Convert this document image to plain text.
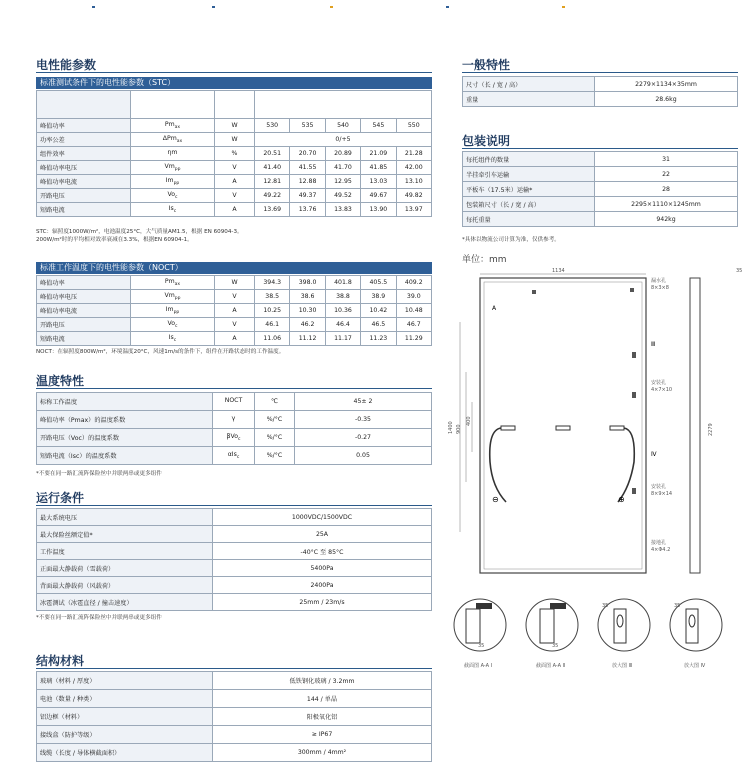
电性能参数
标准测试条件下的电性能参数（STC）

峰值功率	$Pm_{ax}$	W	530	535	540	545	550
功率公差	ΔPm$_{ax}$	W	0/+5				
组件效率	ηm	%	20.51	20.70	20.89	21.09	21.28
峰值功率电压	$Vm_{pp}$	V	41.40	41.55	41.70	41.85	42.00
峰值功率电流	$Im_{pp}$	A	12.81	12.88	12.95	13.03	13.10
开路电压	$Vo_c$	V	49.22	49.37	49.52	49.67	49.82
短路电流	$Is_c$	A	13.69	13.76	13.83	13.90	13.97
STC：辐照度1000W/m²，电池温度25°C，大气质量AM1.5，根据 EN 60904-3。
200W/m²时的平均相对效率衰减在3.3%，根据EN 60904-1。
标准工作温度下的电性能参数（NOCT）
峰值功率	$Pm_{ax}$	W	394.3	398.0	401.8	405.5	409.2
峰值功率电压	$Vm_{pp}$	V	38.5	38.6	38.8	38.9	39.0
峰值功率电流	$Im_{pp}$	A	10.25	10.30	10.36	10.42	10.48
开路电压	$Vo_c$	V	46.1	46.2	46.4	46.5	46.7
短路电流	$Is_c$	A	11.06	11.12	11.17	11.23	11.29
NOCT：在辐照度800W/m²，环境温度20°C，风速1m/s的条件下，组件在开路状态时的工作温度。
温度特性
标称工作温度	NOCT	℃	45± 2
峰值功率（Pmax）的温度系数	γ	%/°C	-0.35
开路电压（Voc）的温度系数	βVo$_c$	%/°C	-0.27
短路电流（Isc）的温度系数	αIs$_c$	%/°C	0.05
*不要在同一路汇流阵保险丝中并联两串或更多组件
运行条件
最大系统电压	1000VDC/1500VDC
最大保险丝额定值*	25A
工作温度	-40°C 至 85°C
正面最大静载荷（雪载荷）	5400Pa
背面最大静载荷（风载荷）	2400Pa
冰雹测试（冰雹直径 / 撞击速度）	25mm / 23m/s
*不要在同一路汇流阵保险丝中并联两串或更多组件
结构材料
玻璃（材料 / 厚度）	低铁钢化玻璃 / 3.2mm
电池（数量 / 种类）	144 / 单晶
铝边框（材料）	阳极氧化铝
接线盒（防护等级）	≥ IP67
线缆（长度 / 导体横截面积）	300mm / 4mm²
一般特性
尺寸（长 / 宽 / 高）	2279×1134×35mm
重量	28.6kg
包装说明
每托组件的数量	31
半挂牵引车运输	22
平板车（17.5米）运输*	28
包装箱尺寸（长 / 宽 / 高）	2295×1110×1245mm
每托重量	942kg
*具体以物流公司计算为准，仅供参考。
单位：mm
1134
1400 900
400
⊖	⊕
A
Ⅲ
Ⅳ
漏水孔
8×3×8
安装孔
4×7×10
安装孔
8×9×14
接地孔
4×Φ4.2
35
2279
35	35
35	35
截面图 A-A Ⅰ	截面图 A-A Ⅱ	放大图 Ⅲ	放大图 Ⅳ
